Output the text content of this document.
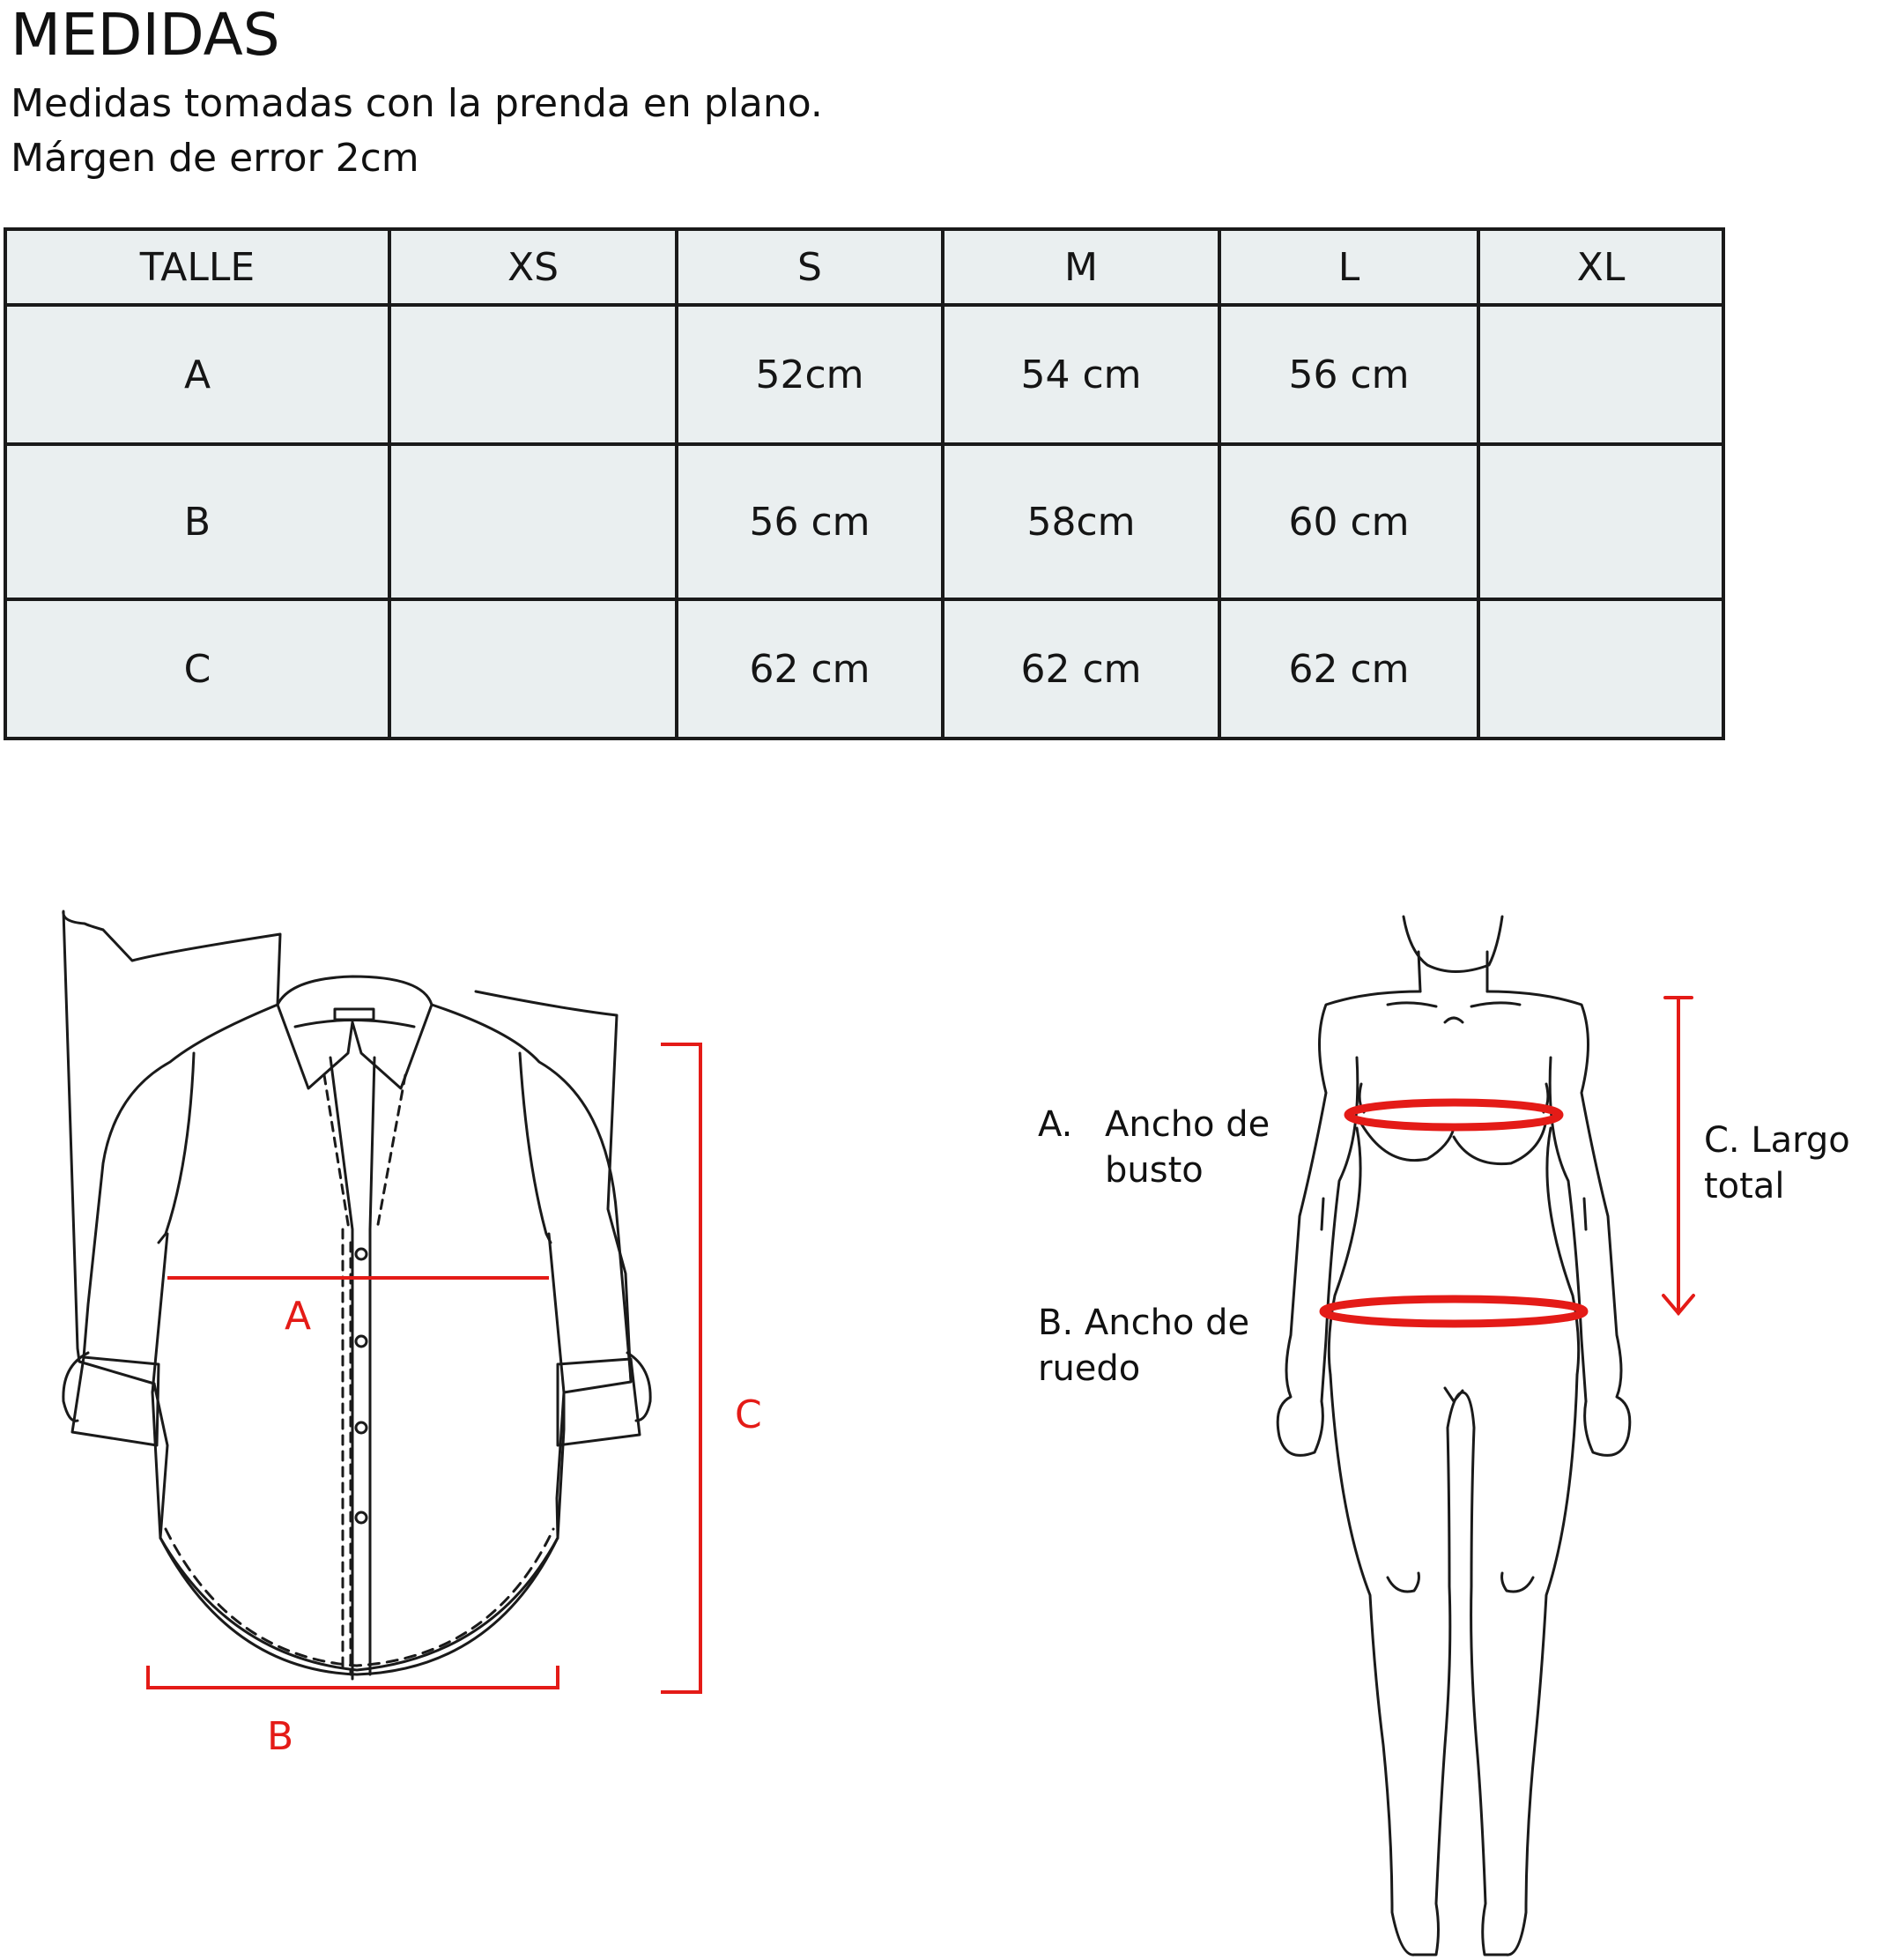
MEDIDAS

Medidas tomadas con la prenda en plano.

Márgen de error 2cm

TALLE	XS	S	M	L	XL
A		52cm	54 cm	56 cm	
B		56 cm	58cm	60 cm	
C		62 cm	62 cm	62 cm	
A
B
C
A. Ancho de
busto
B. Ancho de
ruedo
C. Largo
total
